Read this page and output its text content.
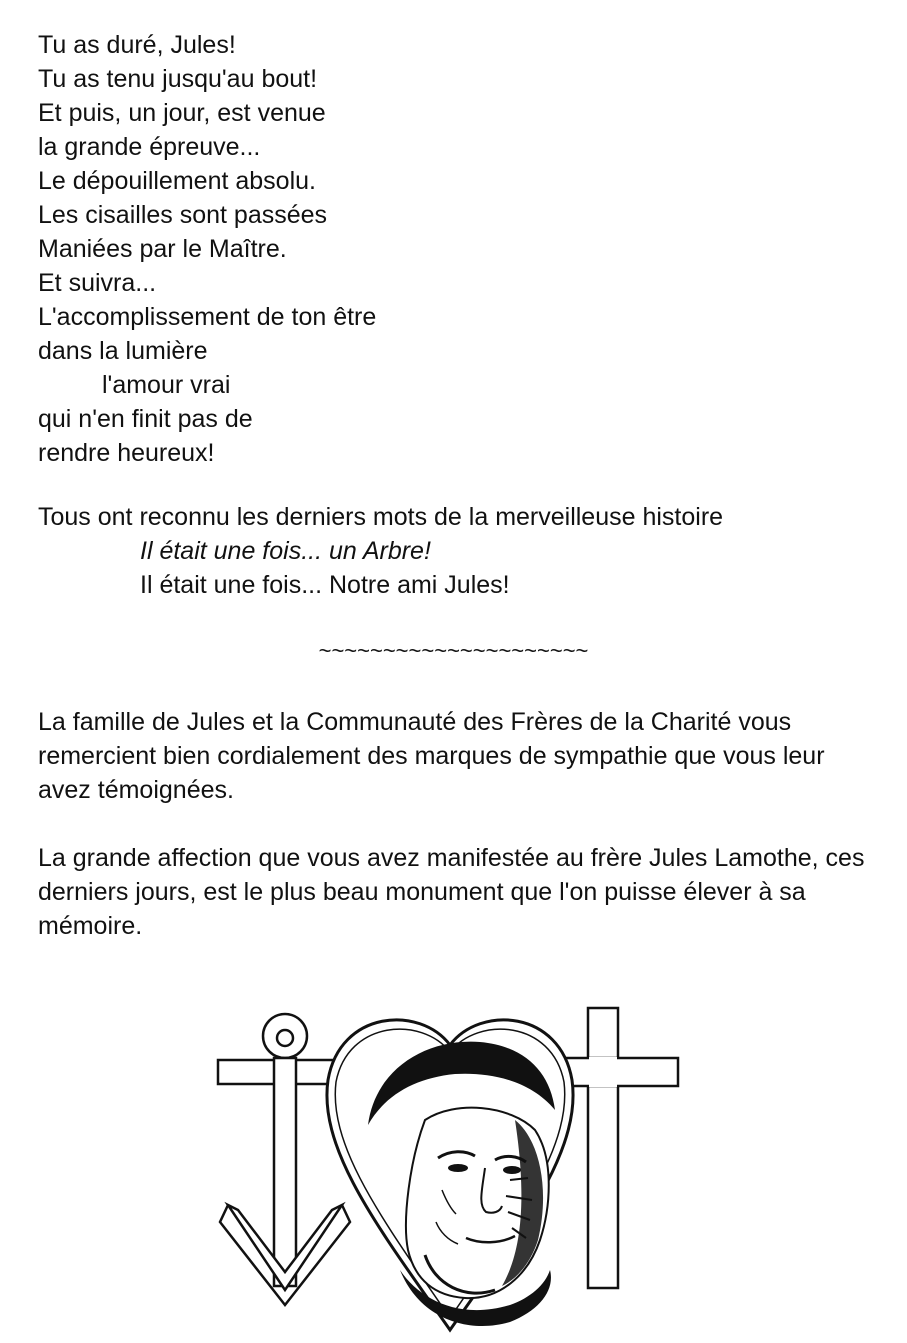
Tu as duré, Jules!
Tu as tenu jusqu'au bout!
Et puis, un jour, est venue
la grande épreuve...
Le dépouillement absolu.
Les cisailles sont passées
Maniées par le Maître.
Et suivra...
L'accomplissement de ton être
dans la lumière
l'amour vrai
qui n'en finit pas de
rendre heureux!
Tous ont reconnu les derniers mots de la merveilleuse histoire
Il était une fois... un Arbre!
Il était une fois... Notre ami Jules!
~~~~~~~~~~~~~~~~~~~~~

La famille de Jules et la Communauté des Frères de la Charité vous remercient bien cordialement des marques de sympathie que vous leur avez témoignées.

La grande affection que vous avez manifestée au frère Jules Lamothe, ces derniers jours, est le plus beau monument que l'on puisse élever à sa mémoire.
